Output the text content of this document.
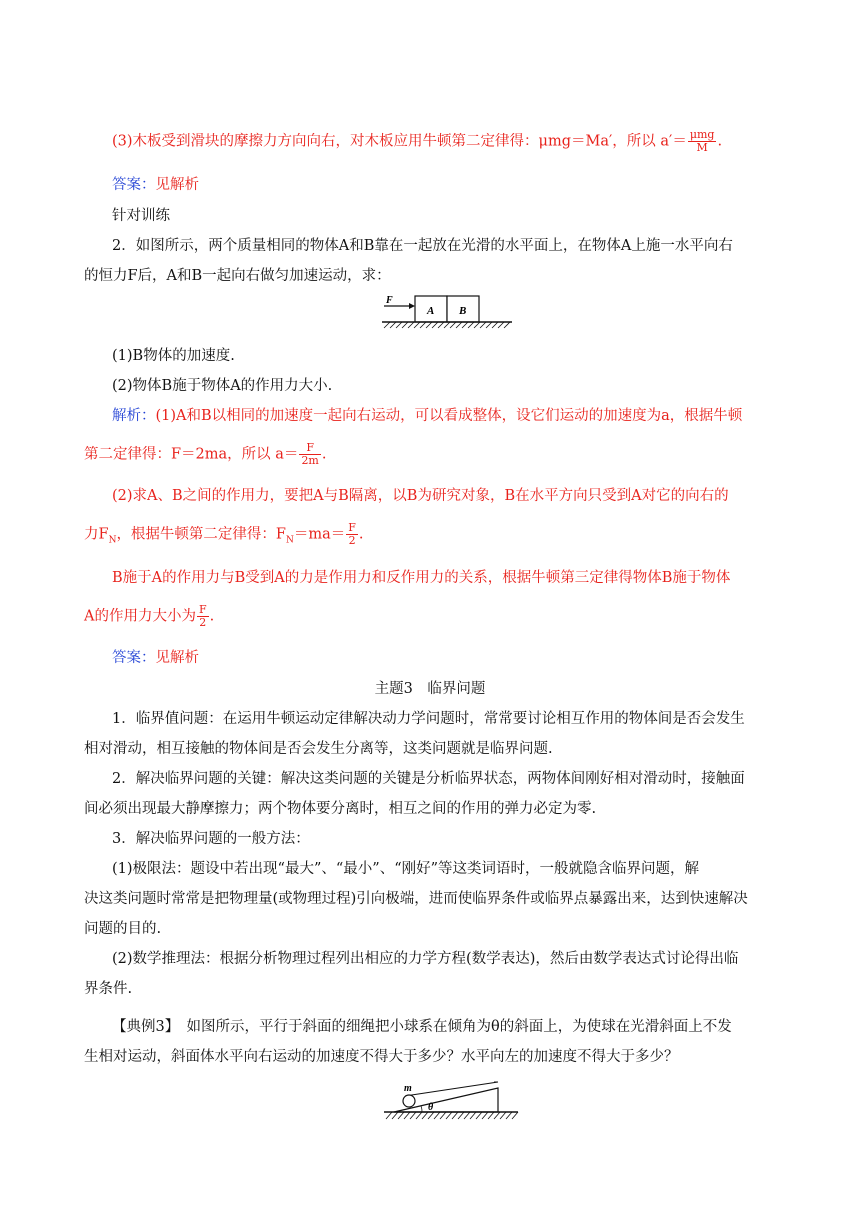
(3)木板受到滑块的摩擦力方向向右，对木板应用牛顿第二定律得：μmg＝Ma′，所以 $a'= \frac{\text{μmg}}{M}$ .
答案：见解析
针对训练
2．如图所示，两个质量相同的物体A和B靠在一起放在光滑的水平面上，在物体A上施一水平向右
的恒力F后，A和B一起向右做匀加速运动，求：
F
A B
(1)B物体的加速度.
(2)物体B施于物体A的作用力大小.
解析：(1)A和B以相同的加速度一起向右运动，可以看成整体，设它们运动的加速度为a，根据牛顿
第二定律得：F＝2ma，所以 $a= \frac{F}{2m}$ .
(2)求A、B之间的作用力，要把A与B隔离，以B为研究对象，B在水平方向只受到A对它的向右的
力$F_N$，根据牛顿第二定律得：$F_N=ma= \frac{F}{2}$ .
B施于A的作用力与B受到A的力是作用力和反作用力的关系，根据牛顿第三定律得物体B施于物体
A的作用力大小为 $\frac{F}{2}$ .
答案：见解析
主题3　临界问题
1．临界值问题：在运用牛顿运动定律解决动力学问题时，常常要讨论相互作用的物体间是否会发生
相对滑动，相互接触的物体间是否会发生分离等，这类问题就是临界问题.
2．解决临界问题的关键：解决这类问题的关键是分析临界状态，两物体间刚好相对滑动时，接触面
间必须出现最大静摩擦力；两个物体要分离时，相互之间的作用的弹力必定为零.
3．解决临界问题的一般方法：
(1)极限法：题设中若出现“最大”、“最小”、“刚好”等这类词语时，一般就隐含临界问题，解
决这类问题时常常是把物理量(或物理过程)引向极端，进而使临界条件或临界点暴露出来，达到快速解决
问题的目的.
(2)数学推理法：根据分析物理过程列出相应的力学方程(数学表达)，然后由数学表达式讨论得出临
界条件.
【典例3】　如图所示，平行于斜面的细绳把小球系在倾角为θ的斜面上，为使球在光滑斜面上不发
生相对运动，斜面体水平向右运动的加速度不得大于多少？水平向左的加速度不得大于多少？
m
θ
